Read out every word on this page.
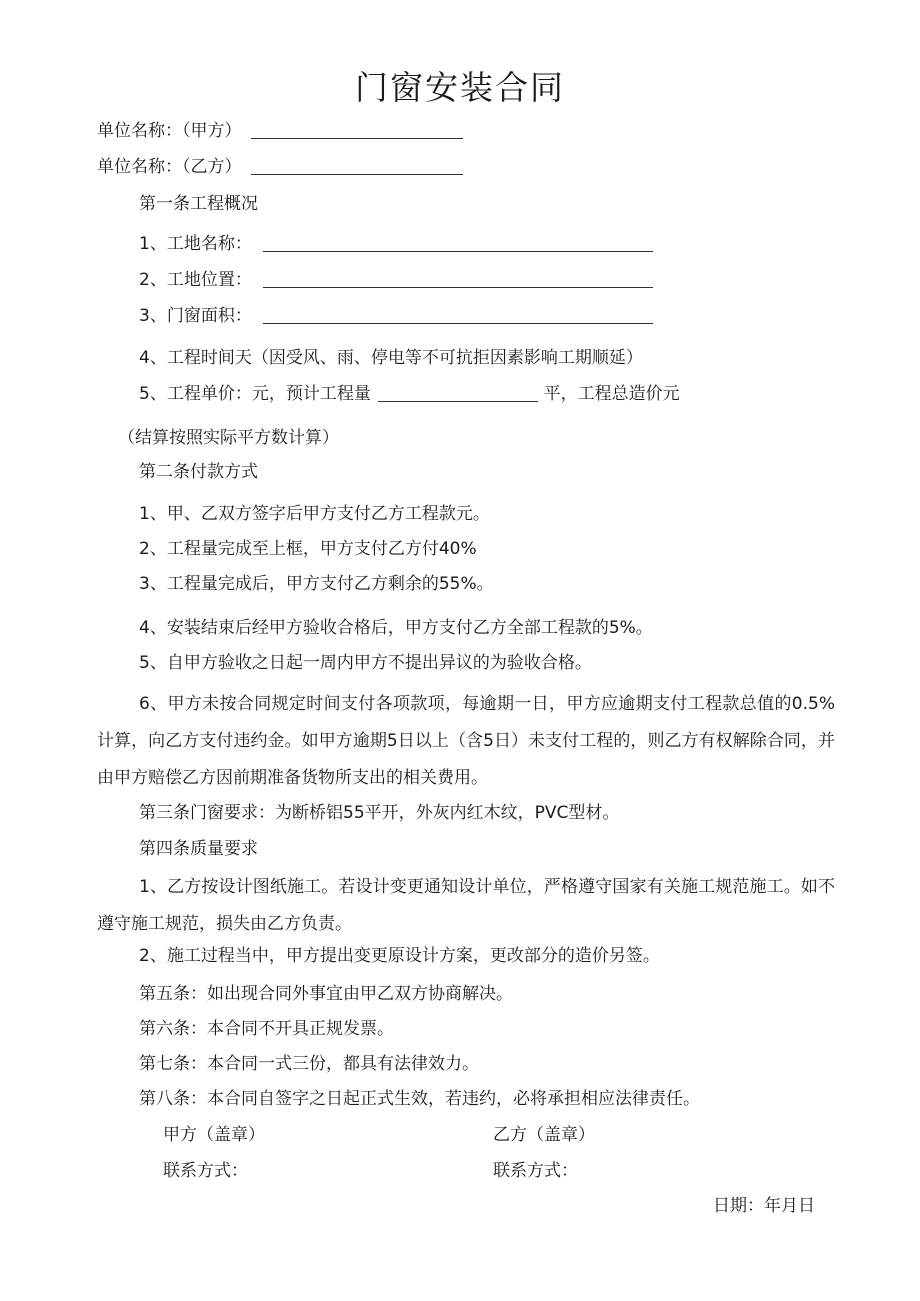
门窗安装合同
单位名称：（甲方）
单位名称：（乙方）
第一条工程概况
1、工地名称：
2、工地位置：
3、门窗面积：
4、工程时间天（因受风、雨、停电等不可抗拒因素影响工期顺延）
5、工程单价：元，预计工程量	平，工程总造价元
（结算按照实际平方数计算）
第二条付款方式
1、甲、乙双方签字后甲方支付乙方工程款元。
2、工程量完成至上框，甲方支付乙方付40%
3、工程量完成后，甲方支付乙方剩余的55%。
4、安装结束后经甲方验收合格后，甲方支付乙方全部工程款的5%。
5、自甲方验收之日起一周内甲方不提出异议的为验收合格。
6、甲方未按合同规定时间支付各项款项，每逾期一日，甲方应逾期支付工程款总值的0.5%计算，向乙方支付违约金。如甲方逾期5日以上（含5日）未支付工程的，则乙方有权解除合同，并由甲方赔偿乙方因前期准备货物所支出的相关费用。
第三条门窗要求：为断桥铝55平开，外灰内红木纹，PVC型材。
第四条质量要求
1、乙方按设计图纸施工。若设计变更通知设计单位，严格遵守国家有关施工规范施工。如不遵守施工规范，损失由乙方负责。
2、施工过程当中，甲方提出变更原设计方案，更改部分的造价另签。
第五条：如出现合同外事宜由甲乙双方协商解决。
第六条：本合同不开具正规发票。
第七条：本合同一式三份，都具有法律效力。
第八条：本合同自签字之日起正式生效，若违约，必将承担相应法律责任。
甲方（盖章）	乙方（盖章）
联系方式：	联系方式：
日期：年月日
